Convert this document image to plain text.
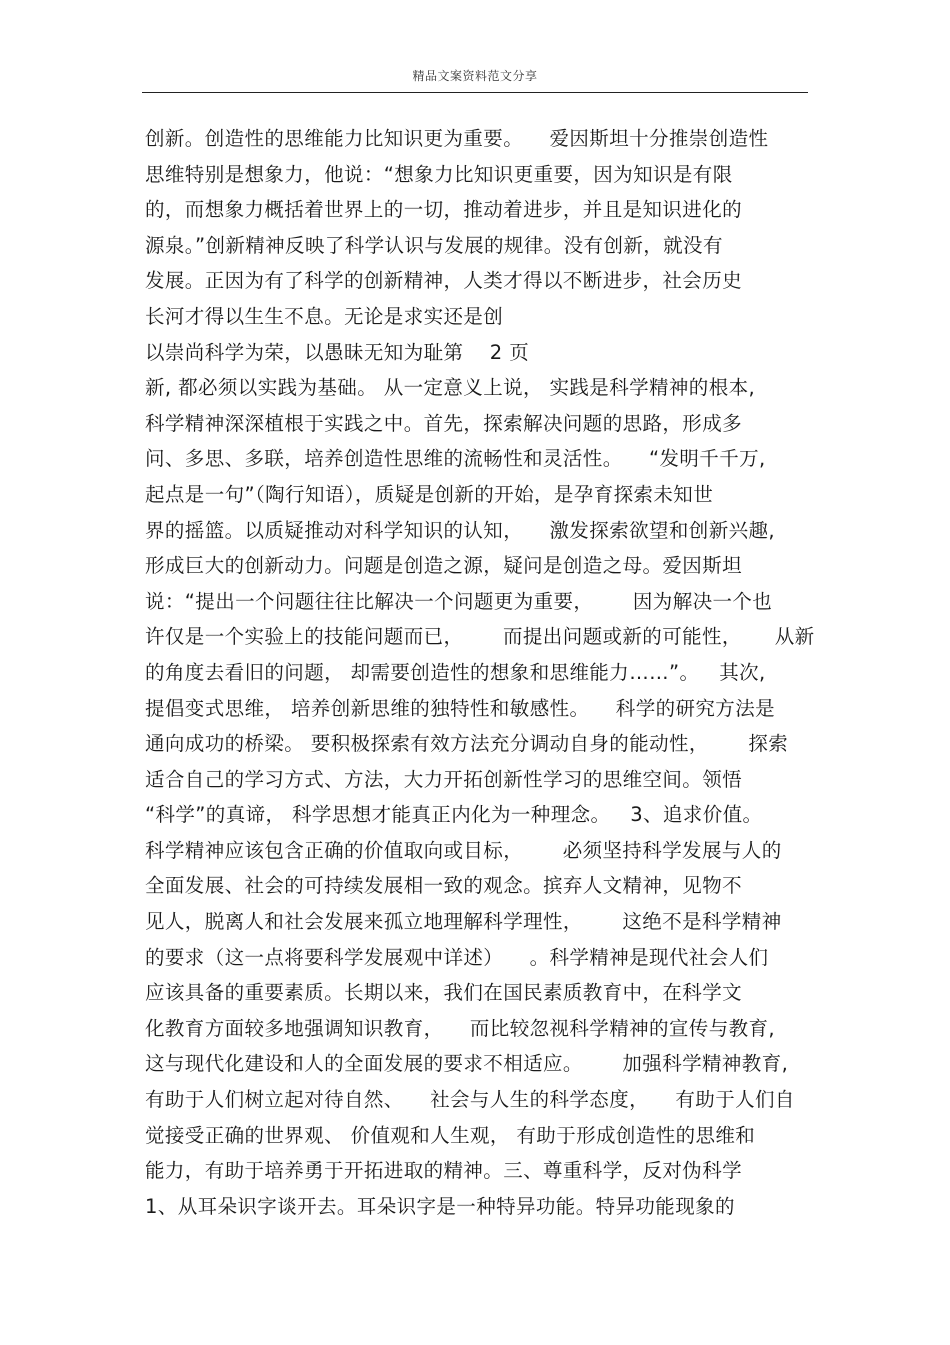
精品文案资料范文分享
创新。创造性的思维能力比知识更为重要。    爱因斯坦十分推崇创造性
思维特别是想象力，他说：“想象力比知识更重要，因为知识是有限
的，而想象力概括着世界上的一切，推动着进步，并且是知识进化的
源泉。”创新精神反映了科学认识与发展的规律。没有创新，就没有
发展。正因为有了科学的创新精神，人类才得以不断进步，社会历史
长河才得以生生不息。无论是求实还是创
以崇尚科学为荣，以愚昧无知为耻第    2 页
新, 都必须以实践为基础。 从一定意义上说， 实践是科学精神的根本,
科学精神深深植根于实践之中。首先，探索解决问题的思路，形成多
问、多思、多联，培养创造性思维的流畅性和灵活性。    “发明千千万,
起点是一句”（陶行知语），质疑是创新的开始，是孕育探索未知世
界的摇篮。以质疑推动对科学知识的认知，    激发探索欲望和创新兴趣,
形成巨大的创新动力。问题是创造之源，疑问是创造之母。爱因斯坦
说：“提出一个问题往往比解决一个问题更为重要，      因为解决一个也
许仅是一个实验上的技能问题而已，      而提出问题或新的可能性，     从新
的角度去看旧的问题， 却需要创造性的想象和思维能力……”。   其次,
提倡变式思维， 培养创新思维的独特性和敏感性。    科学的研究方法是
通向成功的桥梁。 要积极探索有效方法充分调动自身的能动性，      探索
适合自己的学习方式、方法，大力开拓创新性学习的思维空间。领悟
“科学”的真谛， 科学思想才能真正内化为一种理念。   3、追求价值。
科学精神应该包含正确的价值取向或目标，      必须坚持科学发展与人的
全面发展、社会的可持续发展相一致的观念。摈弃人文精神，见物不
见人，脱离人和社会发展来孤立地理解科学理性，      这绝不是科学精神
的要求（这一点将要科学发展观中详述）    。科学精神是现代社会人们
应该具备的重要素质。长期以来，我们在国民素质教育中，在科学文
化教育方面较多地强调知识教育，    而比较忽视科学精神的宣传与教育,
这与现代化建设和人的全面发展的要求不相适应。      加强科学精神教育,
有助于人们树立起对待自然、    社会与人生的科学态度，    有助于人们自
觉接受正确的世界观、 价值观和人生观， 有助于形成创造性的思维和
能力，有助于培养勇于开拓进取的精神。三、尊重科学，反对伪科学
1、从耳朵识字谈开去。耳朵识字是一种特异功能。特异功能现象的
